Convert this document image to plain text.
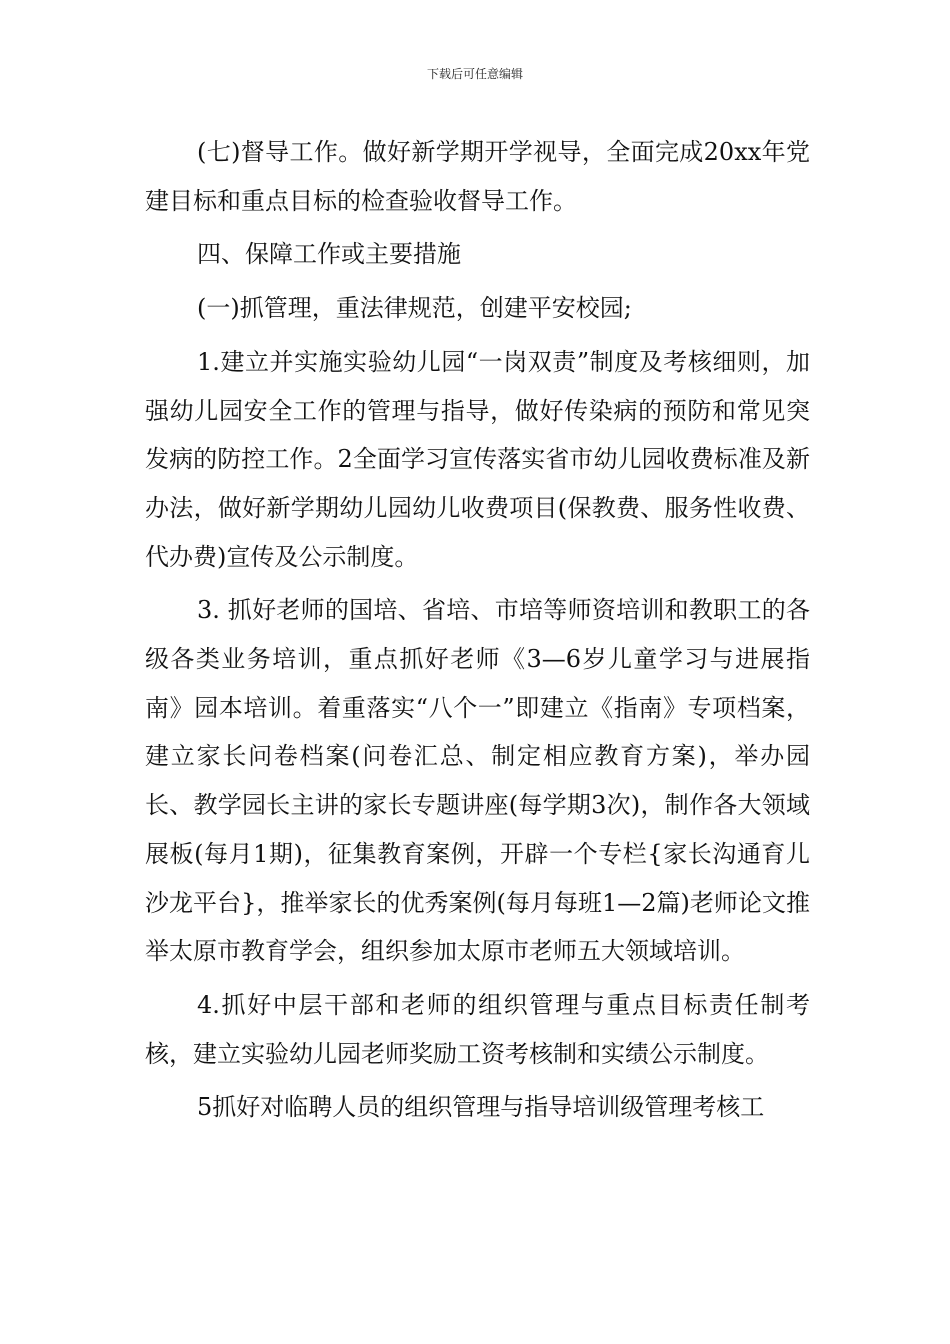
下载后可任意编辑

(七)督导工作。做好新学期开学视导，全面完成20xx年党建目标和重点目标的检查验收督导工作。

四、保障工作或主要措施

(一)抓管理，重法律规范，创建平安校园;

1.建立并实施实验幼儿园“一岗双责”制度及考核细则，加强幼儿园安全工作的管理与指导，做好传染病的预防和常见突发病的防控工作。2全面学习宣传落实省市幼儿园收费标准及新办法，做好新学期幼儿园幼儿收费项目(保教费、服务性收费、代办费)宣传及公示制度。

3. 抓好老师的国培、省培、市培等师资培训和教职工的各级各类业务培训，重点抓好老师《3—6岁儿童学习与进展指南》园本培训。着重落实“八个一”即建立《指南》专项档案，建立家长问卷档案(问卷汇总、制定相应教育方案)，举办园长、教学园长主讲的家长专题讲座(每学期3次)，制作各大领域展板(每月1期)，征集教育案例，开辟一个专栏{家长沟通育儿沙龙平台}，推举家长的优秀案例(每月每班1—2篇)老师论文推举太原市教育学会，组织参加太原市老师五大领域培训。

4.抓好中层干部和老师的组织管理与重点目标责任制考核，建立实验幼儿园老师奖励工资考核制和实绩公示制度。

5抓好对临聘人员的组织管理与指导培训级管理考核工
